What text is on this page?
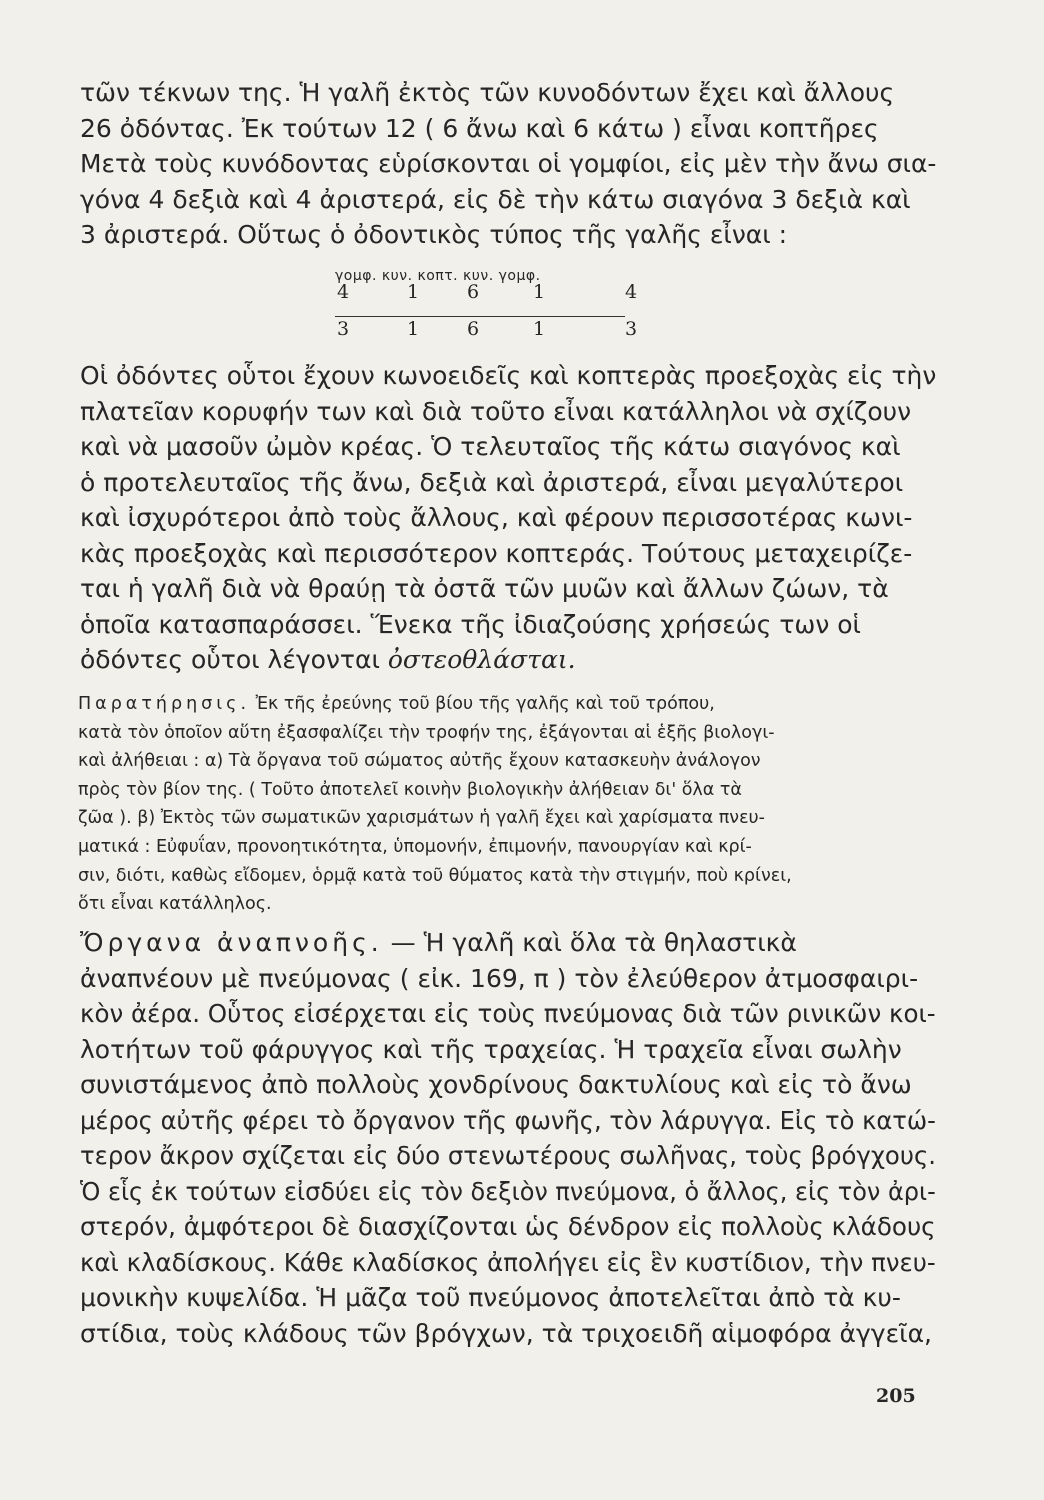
τῶν τέκνων της. Ἡ γαλῆ ἐκτὸς τῶν κυνοδόντων ἔχει καὶ ἄλλους
26 ὀδόντας. Ἐκ τούτων 12 ( 6 ἄνω καὶ 6 κάτω ) εἶναι κοπτῆρες
Μετὰ τοὺς κυνόδοντας εὑρίσκονται οἱ γομφίοι, εἰς μὲν τὴν ἄνω σια-
γόνα 4 δεξιὰ καὶ 4 ἀριστερά, εἰς δὲ τὴν κάτω σιαγόνα 3 δεξιὰ καὶ
3 ἀριστερά. Οὕτως ὁ ὀδοντικὸς τύπος τῆς γαλῆς εἶναι :
γομφ. κυν. κοπτ. κυν. γομφ.
4	1	6	1	4
3	1	6	1	3
Οἱ ὀδόντες οὗτοι ἔχουν κωνοειδεῖς καὶ κοπτερὰς προεξοχὰς εἰς τὴν
πλατεῖαν κορυφήν των καὶ διὰ τοῦτο εἶναι κατάλληλοι νὰ σχίζουν
καὶ νὰ μασοῦν ὠμὸν κρέας. Ὁ τελευταῖος τῆς κάτω σιαγόνος καὶ
ὁ προτελευταῖος τῆς ἄνω, δεξιὰ καὶ ἀριστερά, εἶναι μεγαλύτεροι
καὶ ἰσχυρότεροι ἀπὸ τοὺς ἄλλους, καὶ φέρουν περισσοτέρας κωνι-
κὰς προεξοχὰς καὶ περισσότερον κοπτεράς. Τούτους μεταχειρίζε-
ται ἡ γαλῆ διὰ νὰ θραύῃ τὰ ὀστᾶ τῶν μυῶν καὶ ἄλλων ζώων, τὰ
ὁποῖα κατασπαράσσει. Ἕνεκα τῆς ἰδιαζούσης χρήσεώς των οἱ
ὀδόντες οὗτοι λέγονται ὀστεοθλάσται.
Παρατήρησις. Ἐκ τῆς ἐρεύνης τοῦ βίου τῆς γαλῆς καὶ τοῦ τρόπου,
κατὰ τὸν ὁποῖον αὕτη ἐξασφαλίζει τὴν τροφήν της, ἐξάγονται αἱ ἑξῆς βιολογι-
καὶ ἀλήθειαι : α) Τὰ ὄργανα τοῦ σώματος αὐτῆς ἔχουν κατασκευὴν ἀνάλογον
πρὸς τὸν βίον της. ( Τοῦτο ἀποτελεῖ κοινὴν βιολογικὴν ἀλήθειαν δι' ὅλα τὰ
ζῶα ). β) Ἐκτὸς τῶν σωματικῶν χαρισμάτων ἡ γαλῆ ἔχει καὶ χαρίσματα πνευ-
ματικά : Εὐφυΐαν, προνοητικότητα, ὑπομονήν, ἐπιμονήν, πανουργίαν καὶ κρί-
σιν, διότι, καθὼς εἴδομεν, ὁρμᾷ κατὰ τοῦ θύματος κατὰ τὴν στιγμήν, ποὺ κρίνει,
ὅτι εἶναι κατάλληλος.
Ὄργανα ἀναπνοῆς. — Ἡ γαλῆ καὶ ὅλα τὰ θηλαστικὰ
ἀναπνέουν μὲ πνεύμονας ( εἰκ. 169, π ) τὸν ἐλεύθερον ἀτμοσφαιρι-
κὸν ἀέρα. Οὗτος εἰσέρχεται εἰς τοὺς πνεύμονας διὰ τῶν ρινικῶν κοι-
λοτήτων τοῦ φάρυγγος καὶ τῆς τραχείας. Ἡ τραχεῖα εἶναι σωλὴν
συνιστάμενος ἀπὸ πολλοὺς χονδρίνους δακτυλίους καὶ εἰς τὸ ἄνω
μέρος αὐτῆς φέρει τὸ ὄργανον τῆς φωνῆς, τὸν λάρυγγα. Εἰς τὸ κατώ-
τερον ἄκρον σχίζεται εἰς δύο στενωτέρους σωλῆνας, τοὺς βρόγχους.
Ὁ εἷς ἐκ τούτων εἰσδύει εἰς τὸν δεξιὸν πνεύμονα, ὁ ἄλλος, εἰς τὸν ἀρι-
στερόν, ἀμφότεροι δὲ διασχίζονται ὡς δένδρον εἰς πολλοὺς κλάδους
καὶ κλαδίσκους. Κάθε κλαδίσκος ἀπολήγει εἰς ἓν κυστίδιον, τὴν πνευ-
μονικὴν κυψελίδα. Ἡ μᾶζα τοῦ πνεύμονος ἀποτελεῖται ἀπὸ τὰ κυ-
στίδια, τοὺς κλάδους τῶν βρόγχων, τὰ τριχοειδῆ αἱμοφόρα ἀγγεῖα,
205
